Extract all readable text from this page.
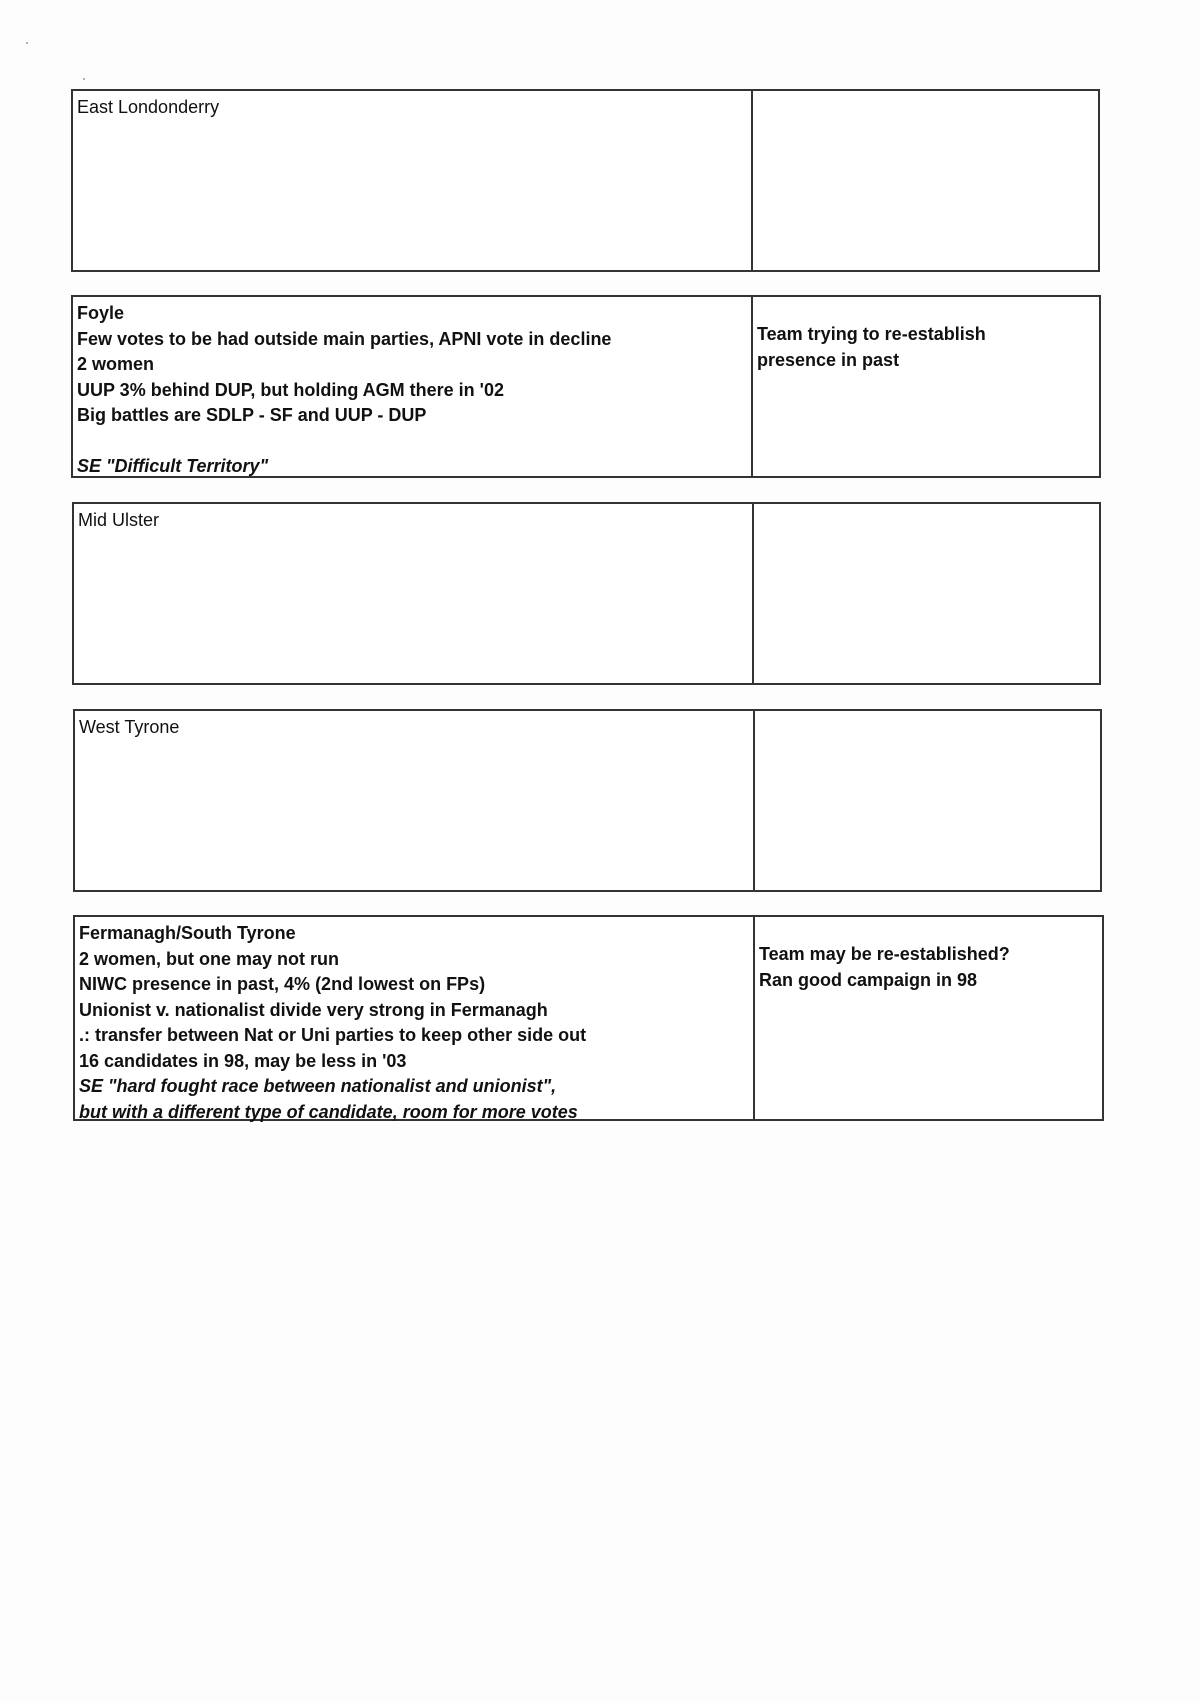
East Londonderry
Foyle
Few votes to be had outside main parties, APNI vote in decline
2 women
UUP 3% behind DUP, but holding AGM there in '02
Big battles are SDLP - SF and UUP - DUP
SE "Difficult Territory"
Team trying to re-establish
presence in past
Mid Ulster
West Tyrone
Fermanagh/South Tyrone
2 women, but one may not run
NIWC presence in past, 4% (2nd lowest on FPs)
Unionist v. nationalist divide very strong in Fermanagh
.: transfer between Nat or Uni parties to keep other side out
16 candidates in 98, may be less in '03
SE "hard fought race between nationalist and unionist",
but with a different type of candidate, room for more votes
Team may be re-established?
Ran good campaign in 98
